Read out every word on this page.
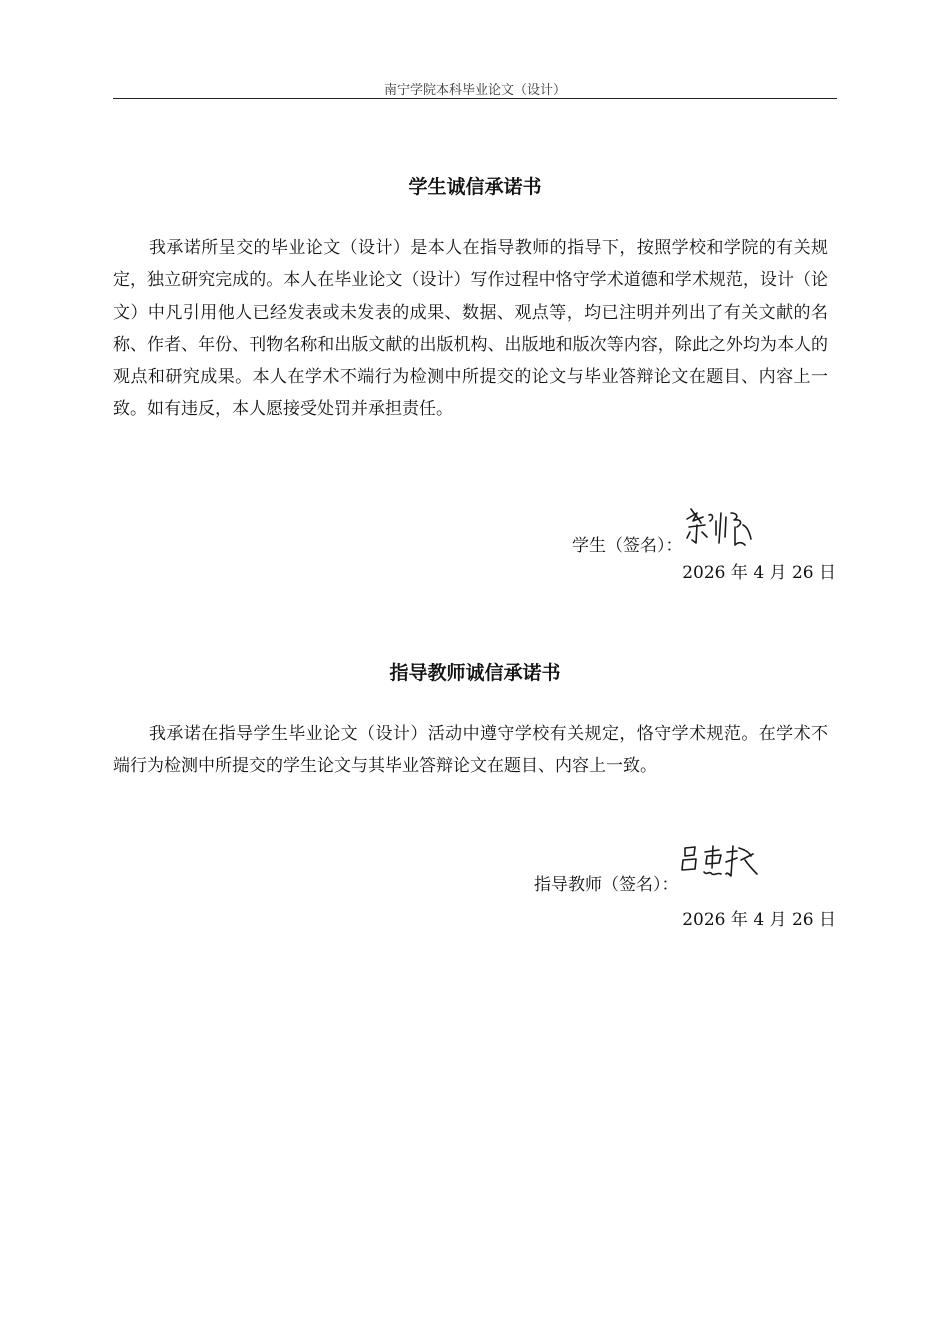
南宁学院本科毕业论文（设计）
学生诚信承诺书

我承诺所呈交的毕业论文（设计）是本人在指导教师的指导下，按照学校和学院的有关规定，独立研究完成的。本人在毕业论文（设计）写作过程中恪守学术道德和学术规范，设计（论文）中凡引用他人已经发表或未发表的成果、数据、观点等，均已注明并列出了有关文献的名称、作者、年份、刊物名称和出版文献的出版机构、出版地和版次等内容，除此之外均为本人的观点和研究成果。本人在学术不端行为检测中所提交的论文与毕业答辩论文在题目、内容上一致。如有违反，本人愿接受处罚并承担责任。

学生（签名）：
2026 年 4 月 26 日
指导教师诚信承诺书

我承诺在指导学生毕业论文（设计）活动中遵守学校有关规定，恪守学术规范。在学术不端行为检测中所提交的学生论文与其毕业答辩论文在题目、内容上一致。

指导教师（签名）：
2026 年 4 月 26 日
